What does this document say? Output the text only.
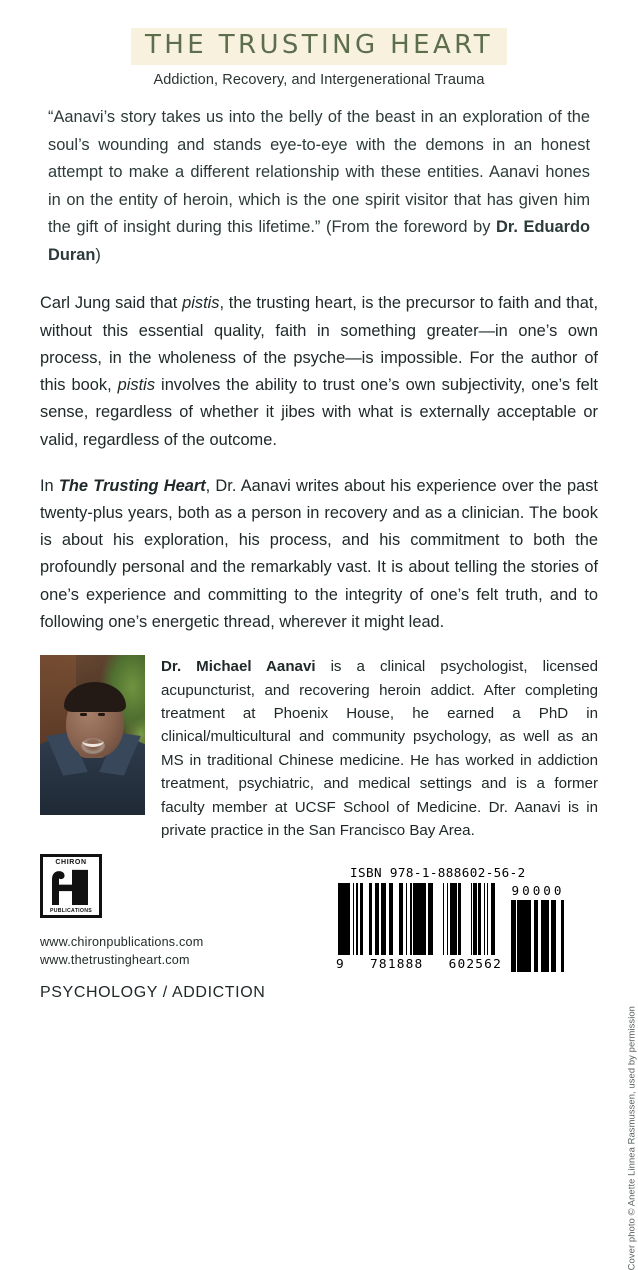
THE TRUSTING HEART
Addiction, Recovery, and Intergenerational Trauma

“Aanavi’s story takes us into the belly of the beast in an exploration of the soul’s wounding and stands eye-to-eye with the demons in an honest attempt to make a different relationship with these entities. Aanavi hones in on the entity of heroin, which is the one spirit visitor that has given him the gift of insight during this lifetime.” (From the foreword by Dr. Eduardo Duran)

Carl Jung said that pistis, the trusting heart, is the precursor to faith and that, without this essential quality, faith in something greater—in one’s own process, in the wholeness of the psyche—is impossible. For the author of this book, pistis involves the ability to trust one’s own subjectivity, one’s felt sense, regardless of whether it jibes with what is externally acceptable or valid, regardless of the outcome.

In The Trusting Heart, Dr. Aanavi writes about his experience over the past twenty-plus years, both as a person in recovery and as a clinician. The book is about his exploration, his process, and his commitment to both the profoundly personal and the remarkably vast. It is about telling the stories of one’s experience and committing to the integrity of one’s felt truth, and to following one’s energetic thread, wherever it might lead.

Dr. Michael Aanavi is a clinical psychologist, licensed acupuncturist, and recovering heroin addict. After completing treatment at Phoenix House, he earned a PhD in clinical/multicultural and community psychology, as well as an MS in traditional Chinese medicine. He has worked in addiction treatment, psychiatric, and medical settings and is a former faculty member at UCSF School of Medicine. Dr. Aanavi is in private practice in the San Francisco Bay Area.
CHIRON
PUBLICATIONS
www.chironpublications.com
www.thetrustingheart.com
PSYCHOLOGY / ADDICTION
ISBN 978-1-888602-56-2
9 781888 602562
90000
Cover photo © Anette Linnea Rasmussen, used by permission
